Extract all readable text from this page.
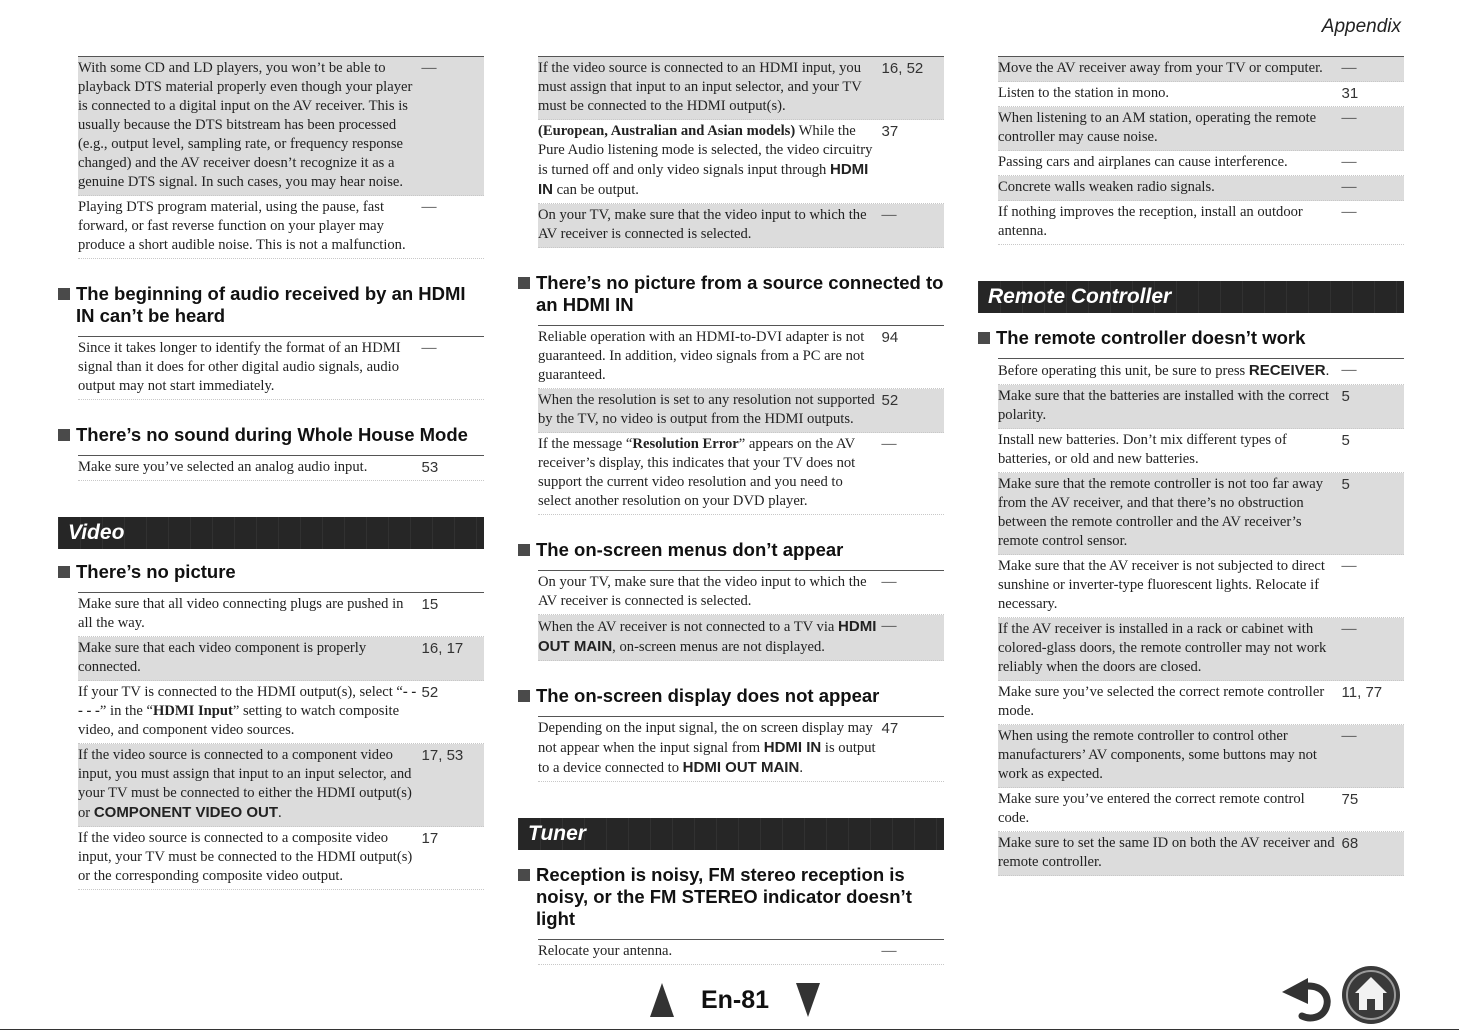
Appendix
With some CD and LD players, you won’t be able to playback DTS material properly even though your player is connected to a digital input on the AV receiver. This is usually because the DTS bitstream has been processed (e.g., output level, sampling rate, or frequency response changed) and the AV receiver doesn’t recognize it as a genuine DTS signal. In such cases, you may hear noise.
—
Playing DTS program material, using the pause, fast forward, or fast reverse function on your player may produce a short audible noise. This is not a malfunction.
—
The beginning of audio received by an HDMI IN can’t be heard
Since it takes longer to identify the format of an HDMI signal than it does for other digital audio signals, audio output may not start immediately.
—
There’s no sound during Whole House Mode
Make sure you’ve selected an analog audio input.	53
Video
There’s no picture
Make sure that all video connecting plugs are pushed in all the way.
15
Make sure that each video component is properly connected.
16, 17
If your TV is connected to the HDMI output(s), select “- - - - -” in the “HDMI Input” setting to watch composite video, and component video sources.
52
If the video source is connected to a component video input, you must assign that input to an input selector, and your TV must be connected to either the HDMI output(s) or COMPONENT VIDEO OUT.
17, 53
If the video source is connected to a composite video input, your TV must be connected to the HDMI output(s) or the corresponding composite video output.
17
If the video source is connected to an HDMI input, you must assign that input to an input selector, and your TV must be connected to the HDMI output(s).
16, 52
(European, Australian and Asian models) While the Pure Audio listening mode is selected, the video circuitry is turned off and only video signals input through HDMI IN can be output.
37
On your TV, make sure that the video input to which the AV receiver is connected is selected.
—
There’s no picture from a source connected to an HDMI IN
Reliable operation with an HDMI-to-DVI adapter is not guaranteed. In addition, video signals from a PC are not guaranteed.
94
When the resolution is set to any resolution not supported by the TV, no video is output from the HDMI outputs.
52
If the message “Resolution Error” appears on the AV receiver’s display, this indicates that your TV does not support the current video resolution and you need to select another resolution on your DVD player.
—
The on-screen menus don’t appear
On your TV, make sure that the video input to which the AV receiver is connected is selected.
—
When the AV receiver is not connected to a TV via HDMI OUT MAIN, on-screen menus are not displayed.
—
The on-screen display does not appear
Depending on the input signal, the on screen display may not appear when the input signal from HDMI IN is output to a device connected to HDMI OUT MAIN.
47
Tuner
Reception is noisy, FM stereo reception is noisy, or the FM STEREO indicator doesn’t light
Relocate your antenna.	—
Move the AV receiver away from your TV or computer.	—
Listen to the station in mono.	31
When listening to an AM station, operating the remote controller may cause noise.
—
Passing cars and airplanes can cause interference.	—
Concrete walls weaken radio signals.	—
If nothing improves the reception, install an outdoor antenna.
—
Remote Controller
The remote controller doesn’t work
Before operating this unit, be sure to press RECEIVER. —
Make sure that the batteries are installed with the correct polarity.
5
Install new batteries. Don’t mix different types of batteries, or old and new batteries.
5
Make sure that the remote controller is not too far away from the AV receiver, and that there’s no obstruction between the remote controller and the AV receiver’s remote control sensor.
5
Make sure that the AV receiver is not subjected to direct sunshine or inverter-type fluorescent lights. Relocate if necessary.
—
If the AV receiver is installed in a rack or cabinet with colored-glass doors, the remote controller may not work reliably when the doors are closed.
—
Make sure you’ve selected the correct remote controller mode.
11, 77
When using the remote controller to control other manufacturers’ AV components, some buttons may not work as expected.
—
Make sure you’ve entered the correct remote control code.
75
Make sure to set the same ID on both the AV receiver and remote controller.
68
En-81
